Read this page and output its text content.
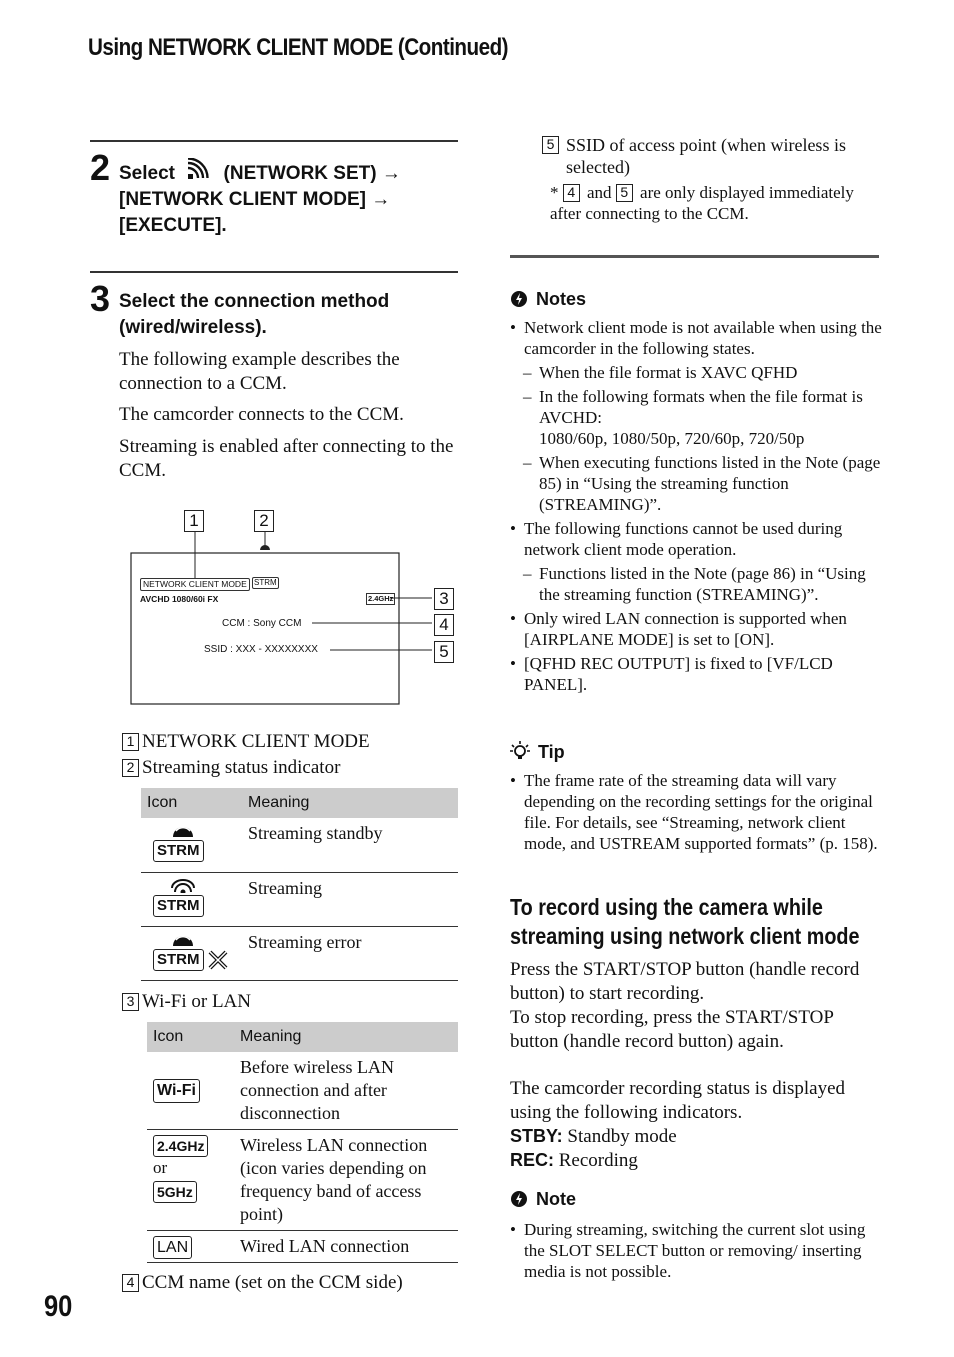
Using NETWORK CLIENT MODE (Continued)
2 Select	(NETWORK SET) →
[NETWORK CLIENT MODE] →
[EXECUTE].
3 Select the connection method
(wired/wireless).
The following example describes the connection to a CCM.
The camcorder connects to the CCM.
Streaming is enabled after connecting to the CCM.
1	2
3
4
5
NETWORK CLIENT MODE STRM
AVCHD 1080/60i FX	2.4GHz
CCM : Sony CCM
SSID : XXX - XXXXXXXX
1 NETWORK CLIENT MODE
2 Streaming status indicator
Icon	Meaning

STRM	Streaming standby

STRM	Streaming

STRM	Streaming error
3 Wi-Fi or LAN
Icon	Meaning
Wi-Fi	Before wireless LAN connection and after disconnection
2.4GHz
or
5GHz	Wireless LAN connection (icon varies depending on frequency band of access point)
LAN	Wired LAN connection
4 CCM name (set on the CCM side)
90
5 SSID of access point (when wireless is selected)
* 4 and 5 are only displayed immediately after connecting to the CCM.
Notes
• Network client mode is not available when using the camcorder in the following states.
– When the file format is XAVC QFHD
– In the following formats when the file format is AVCHD:
1080/60p, 1080/50p, 720/60p, 720/50p
– When executing functions listed in the Note (page 85) in “Using the streaming function (STREAMING)”.
• The following functions cannot be used during network client mode operation.
– Functions listed in the Note (page 86) in “Using the streaming function (STREAMING)”.
• Only wired LAN connection is supported when [AIRPLANE MODE] is set to [ON].
• [QFHD REC OUTPUT] is fixed to [VF/LCD PANEL].
Tip
• The frame rate of the streaming data will vary depending on the recording settings for the original file. For details, see “Streaming, network client mode, and USTREAM supported formats” (p. 158).
To record using the camera while streaming using network client mode
Press the START/STOP button (handle record button) to start recording.
To stop recording, press the START/STOP button (handle record button) again.
The camcorder recording status is displayed using the following indicators.
STBY: Standby mode
REC: Recording
Note
• During streaming, switching the current slot using the SLOT SELECT button or removing/ inserting media is not possible.
